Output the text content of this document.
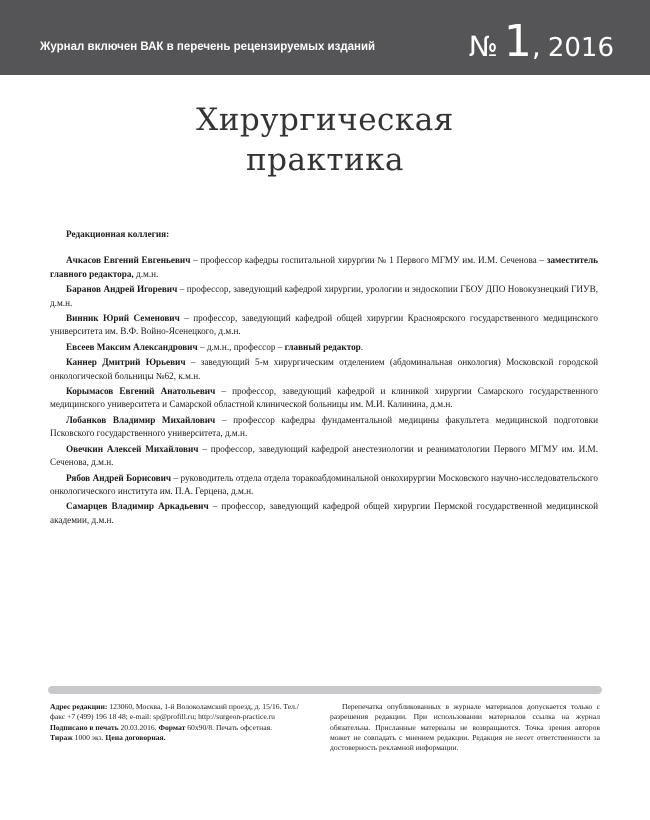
Журнал включен ВАК в перечень рецензируемых изданий	№ 1, 2016
Хирургическая
практика
Редакционная коллегия:
Ачкасов Евгений Евгеньевич – профессор кафедры госпитальной хирургии № 1 Первого МГМУ им. И.М. Сеченова – заместитель главного редактора, д.м.н.
Баранов Андрей Игоревич – профессор, заведующий кафедрой хирургии, урологии и эндоскопии ГБОУ ДПО Новокузнецкий ГИУВ, д.м.н.
Винник Юрий Семенович – профессор, заведующий кафедрой общей хирургии Красноярского государственного медицинского университета им. В.Ф. Войно-Ясенецкого, д.м.н.
Евсеев Максим Александрович – д.м.н., профессор – главный редактор.
Каннер Дмитрий Юрьевич – заведующий 5-м хирургическим отделением (абдоминальная онкология) Московской городской онкологической больницы №62, к.м.н.
Корымасов Евгений Анатольевич – профессор, заведующий кафедрой и клиникой хирургии Самарского государственного медицинского университета и Самарской областной клинической больницы им. М.И. Калинина, д.м.н.
Лобанков Владимир Михайлович – профессор кафедры фундаментальной медицины факультета медицинской подготовки Псковского государственного университета, д.м.н.
Овечкин Алексей Михайлович – профессор, заведующий кафедрой анестезиологии и реаниматологии Первого МГМУ им. И.М. Сеченова, д.м.н.
Рябов Андрей Борисович – руководитель отдела отдела торакоабдоминальной онкохирургии Московского научно-исследовательского онкологического института им. П.А. Герцена, д.м.н.
Самарцев Владимир Аркадьевич – профессор, заведующий кафедрой общей хирургии Пермской государственной медицинской академии, д.м.н.
Адрес редакции: 123060, Москва, 1-й Волоколамский проезд, д. 15/16. Тел./факс +7 (499) 196 18 48; e-mail: sp@profill.ru; http://surgeon-practice.ru
Подписано в печать 20.03.2016. Формат 60х90/8. Печать офсетная.
Тираж 1000 экз. Цена договорная.
Перепечатка опубликованных в журнале материалов допускается только с разрешения редакции. При использовании материалов ссылка на журнал обязательна. Присланные материалы не возвращаются. Точка зрения авторов может не совпадать с мнением редакции. Редакция не несет ответственности за достоверность рекламной информации.
